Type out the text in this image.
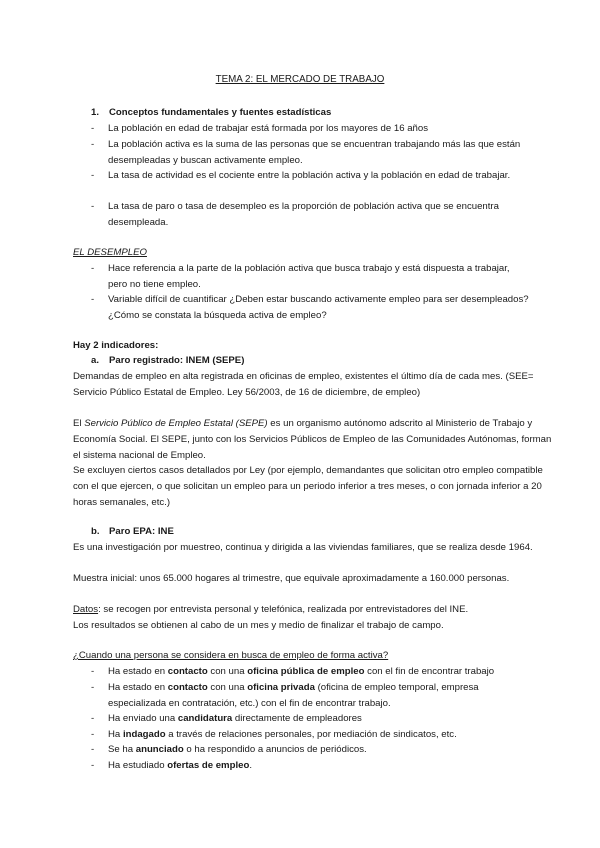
TEMA 2: EL MERCADO DE TRABAJO
1. Conceptos fundamentales y fuentes estadísticas
- La población en edad de trabajar está formada por los mayores de 16 años
- La población activa es la suma de las personas que se encuentran trabajando más las que están desempleadas y buscan activamente empleo.
- La tasa de actividad es el cociente entre la población activa y la población en edad de trabajar.
- La tasa de paro o tasa de desempleo es la proporción de población activa que se encuentra desempleada.
EL DESEMPLEO
- Hace referencia a la parte de la población activa que busca trabajo y está dispuesta a trabajar, pero no tiene empleo.
- Variable difícil de cuantificar ¿Deben estar buscando activamente empleo para ser desempleados? ¿Cómo se constata la búsqueda activa de empleo?
Hay 2 indicadores:
a. Paro registrado: INEM (SEPE)

Demandas de empleo en alta registrada en oficinas de empleo, existentes el último día de cada mes. (SEE= Servicio Público Estatal de Empleo. Ley 56/2003, de 16 de diciembre, de empleo)

El Servicio Público de Empleo Estatal (SEPE) es un organismo autónomo adscrito al Ministerio de Trabajo y Economía Social. El SEPE, junto con los Servicios Públicos de Empleo de las Comunidades Autónomas, forman el sistema nacional de Empleo.

Se excluyen ciertos casos detallados por Ley (por ejemplo, demandantes que solicitan otro empleo compatible con el que ejercen, o que solicitan un empleo para un periodo inferior a tres meses, o con jornada inferior a 20 horas semanales, etc.)

b. Paro EPA: INE

Es una investigación por muestreo, continua y dirigida a las viviendas familiares, que se realiza desde 1964.

Muestra inicial: unos 65.000 hogares al trimestre, que equivale aproximadamente a 160.000 personas.

Datos: se recogen por entrevista personal y telefónica, realizada por entrevistadores del INE.

Los resultados se obtienen al cabo de un mes y medio de finalizar el trabajo de campo.

¿Cuando una persona se considera en busca de empleo de forma activa?
- Ha estado en contacto con una oficina pública de empleo con el fin de encontrar trabajo
- Ha estado en contacto con una oficina privada (oficina de empleo temporal, empresa especializada en contratación, etc.) con el fin de encontrar trabajo.
- Ha enviado una candidatura directamente de empleadores
- Ha indagado a través de relaciones personales, por mediación de sindicatos, etc.
- Se ha anunciado o ha respondido a anuncios de periódicos.
- Ha estudiado ofertas de empleo.
